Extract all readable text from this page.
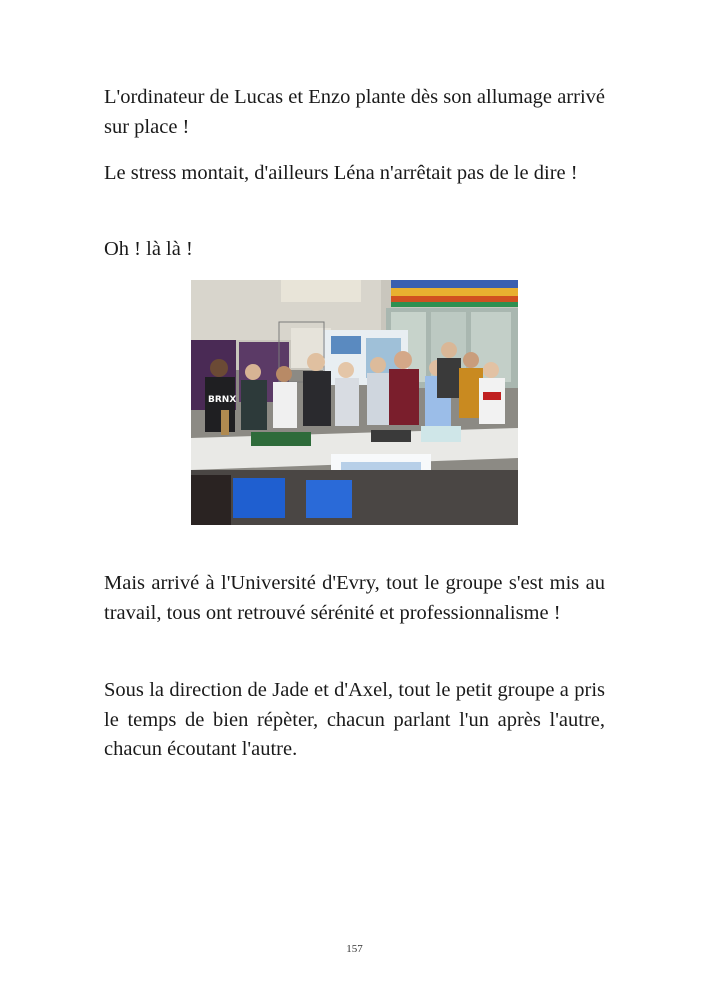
L'ordinateur de Lucas et Enzo plante dès son allumage arrivé sur place !

Le stress montait, d'ailleurs Léna n'arrêtait pas de le dire !

Oh ! là là !

BRNX

Mais arrivé à l'Université d'Evry, tout le groupe s'est mis au travail, tous ont retrouvé sérénité et professionnalisme !

Sous la direction de Jade et d'Axel, tout le petit groupe a pris le temps de bien répèter, chacun parlant l'un après l'autre, chacun écoutant l'autre.

157
